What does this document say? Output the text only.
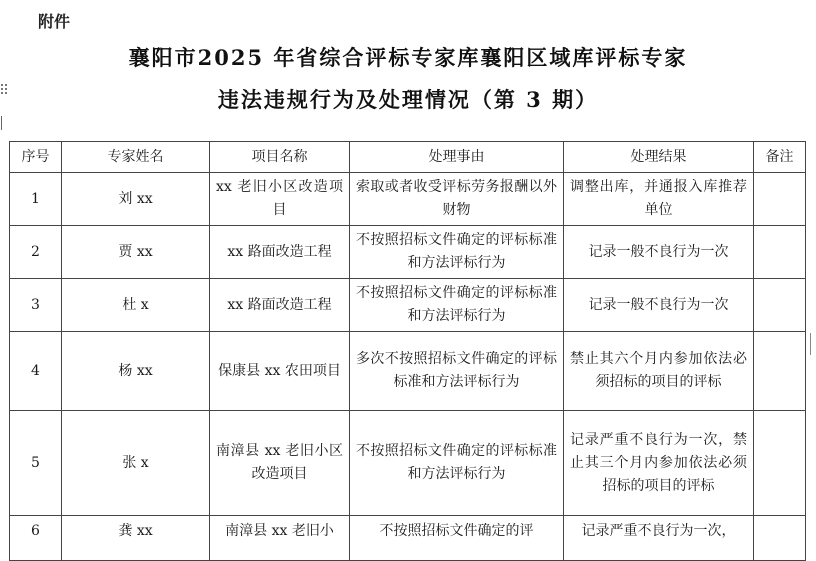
附件
襄阳市2025 年省综合评标专家库襄阳区域库评标专家
违法违规行为及处理情况（第 3 期）
序号	专家姓名	项目名称	处理事由	处理结果	备注
1	刘 xx	xx 老旧小区改造项目	索取或者收受评标劳务报酬以外财物	调整出库，并通报入库推荐单位	
2	贾 xx	xx 路面改造工程	不按照招标文件确定的评标标准和方法评标行为	记录一般不良行为一次	
3	杜 x	xx 路面改造工程	不按照招标文件确定的评标标准和方法评标行为	记录一般不良行为一次	
4	杨 xx	保康县 xx 农田项目	多次不按照招标文件确定的评标标准和方法评标行为	禁止其六个月内参加依法必须招标的项目的评标	
5	张 x	南漳县 xx 老旧小区改造项目	不按照招标文件确定的评标标准和方法评标行为	记录严重不良行为一次，禁止其三个月内参加依法必须招标的项目的评标	
6	龚 xx	南漳县 xx 老旧小	不按照招标文件确定的评	记录严重不良行为一次，	
